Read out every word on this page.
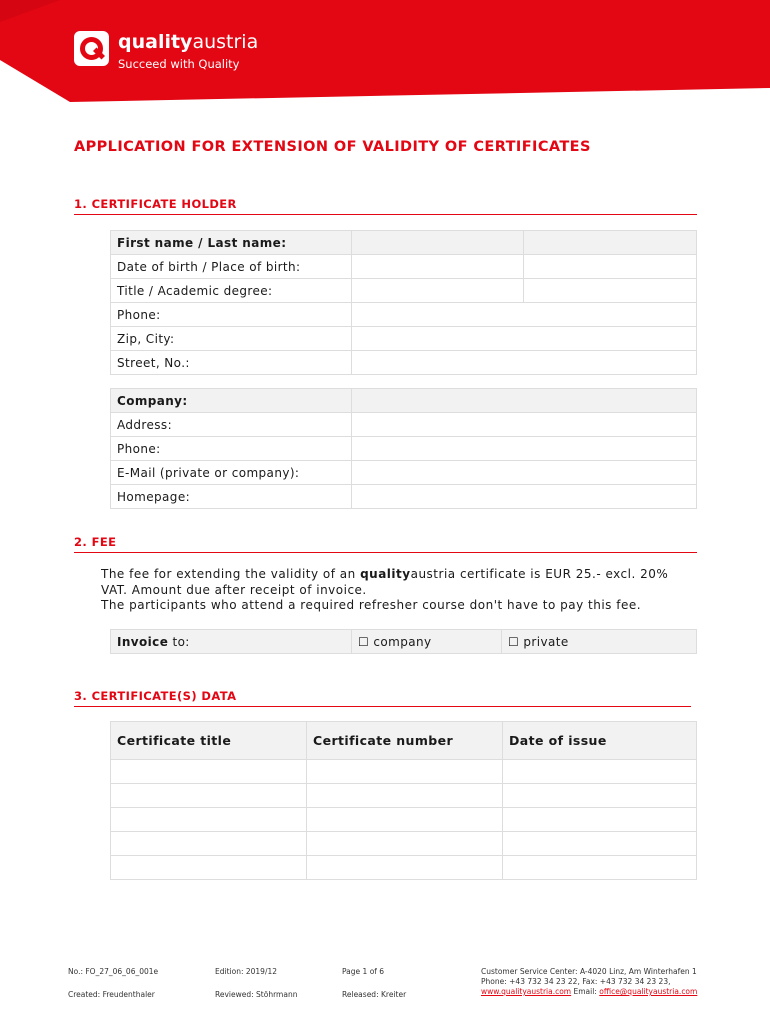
qualityaustria
Succeed with Quality
APPLICATION FOR EXTENSION OF VALIDITY OF CERTIFICATES
1. CERTIFICATE HOLDER
First name / Last name:		
Date of birth / Place of birth:		
Title / Academic degree:		
Phone:		
Zip, City:		
Street, No.:		
Company:	
Address:	
Phone:	
E-Mail (private or company):	
Homepage:	
2. FEE
The fee for extending the validity of an qualityaustria certificate is EUR 25.- excl. 20% VAT. Amount due after receipt of invoice.
The participants who attend a required refresher course don't have to pay this fee.
Invoice to:	☐ company	☐ private
3. CERTIFICATE(S) DATA
Certificate title	Certificate number	Date of issue

No.: FO_27_06_06_001e
Created: Freudenthaler
Edition: 2019/12
Reviewed: Stöhrmann
Page 1 of 6
Released: Kreiter
Customer Service Center: A-4020 Linz, Am Winterhafen 1
Phone: +43 732 34 23 22, Fax: +43 732 34 23 23,
www.qualityaustria.com Email: office@qualityaustria.com
